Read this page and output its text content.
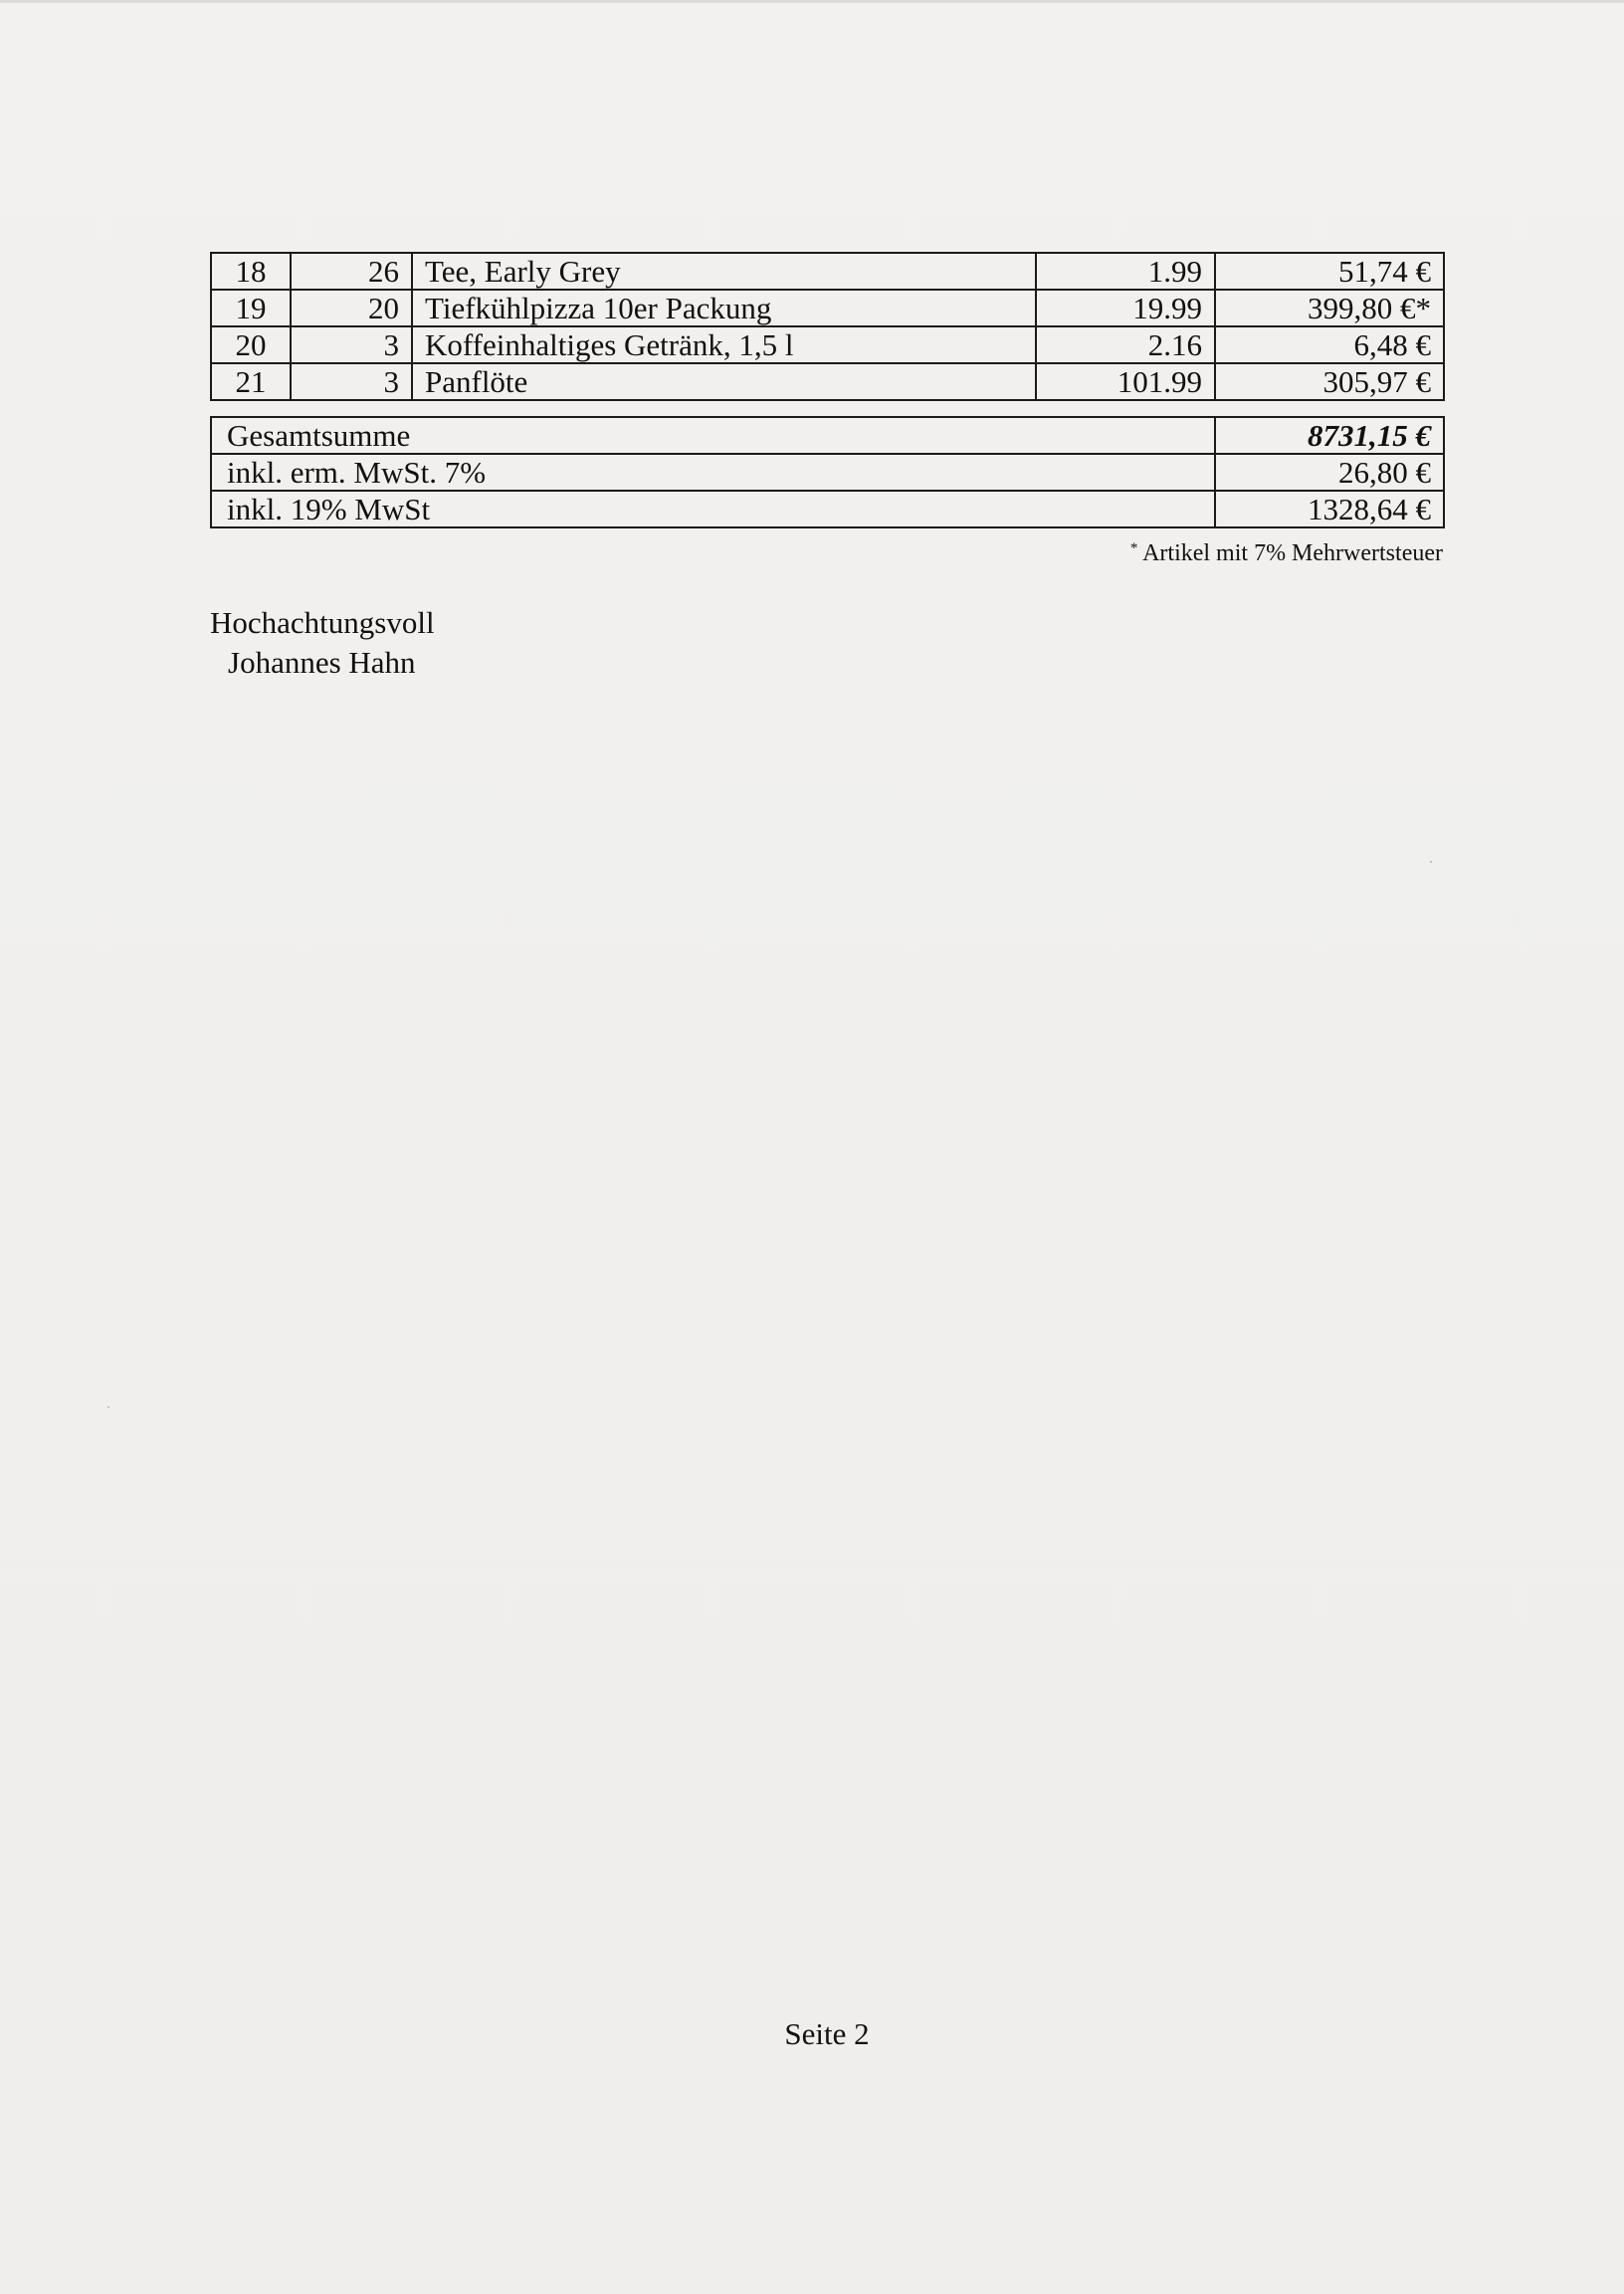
18	26	Tee, Early Grey	1.99	51,74 €
19	20	Tiefkühlpizza 10er Packung	19.99	399,80 €*
20	3	Koffeinhaltiges Getränk, 1,5 l	2.16	6,48 €
21	3	Panflöte	101.99	305,97 €
Gesamtsumme	8731,15 €
inkl. erm. MwSt. 7%	26,80 €
inkl. 19% MwSt	1328,64 €
* Artikel mit 7% Mehrwertsteuer
Hochachtungsvoll
Johannes Hahn
Seite 2
